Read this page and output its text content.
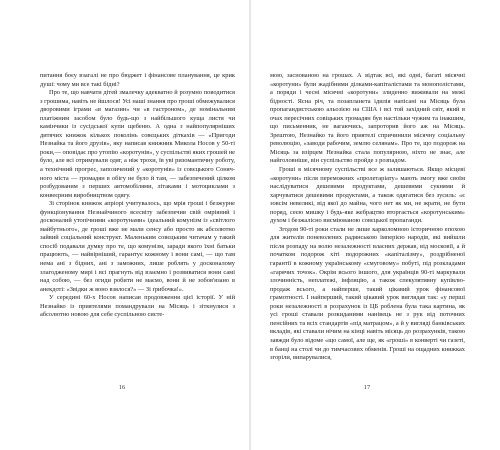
питання боєу взагалі не про бюджет і фінансове планування, це крик душі: чому ми все такі бідні?

Про те, що навчати дітей змалечку адекватно й розумно поводитися з грошима, навіть не йшлося! Усі наші знання про гроші обмежувалися дворовими іграми «в магазин» чи «в гастроном», де номінальним платіжним засобом було будь-що з найбільшого куща листя чи камінчики із сусідської купи щебеню. А одна з найпопулярніших дитячих книжок кількох поколінь совєцьких діткахів — «Пригоди Незнайка та його друзів», яку написав книжник Микола Носов у 50-ті роки,— оповідає про утопію «коротунів», у суспільстві яких грошей не було, але всі отримували одяг, а ніж трохи, їв уві ризомантичну роботу, а технічний прогрес, запозичений у «коротунів» із совєцького Сонячного міста — громадян в обігу не було й там, — забезпечений цілком розбудованим з перших автомобілями, літаками і мотоциклами з конвеєрним виробництвом одягу.

Зі сторінок книжок апріорі учитувалось, що мрія гроші і безжурне функціонування Незнайчиного всесвіту забезпечив свій омріяний і досконалий утопічними «коротунами» ідеальний комунізм із «світлого майбутнього», де гроші вже не мали сенсу або просто як абсолютно зайвий соціальний конструкт. Маленьким совєцьким читачам у такий спосіб подавали думку про те, що комунізм, заради якого їхні батьки працюють, — найвірніший, гарантує кожному і вони самі, — що там нема ані з бідних, ані з заможних, лише роблять у досконалому злагодженому мирі і всі прагнуть від взаємно і розвиватися вони самі над собою, — без огиди робити не маємо, вони й не зобов'язано в анекдоті: «Звідки ж воно взялося?» — Зі ґрибочка!».

У середині 60-х Носов написав продовження цієї історії. У ній Незнайко із приятелями помандрували на Місяць і зіткнулися з абсолютно новою для себе суспільною систе-

16

мою, заснованою на грошах. А відтак всі, які одні, багаті місячні «коротуни» були жадібними ділками-капіталістами та монополістами, а поряди і чесні місячні «коротуни» злиденно виживали на межі бідності. Ясна річ, та позапланета ідилія напісані на Місяць була пропагандистською альозією на США і всі той західний світ, який в очах пересічних совіцьких громадян був настільки чужим та інакшим, що письменник, не вагаючись, запроторив його аж на Місяць. Зрештою, Незнайко та його приятелі спричинили місячну соціальну революцію, «заводи рабочим, землю селянам». Про те, що подорож на Місяць за взірцем Незнайка стала популярною, ніхто не знає, але найголовніше, він суспільство пройде з розпадом.

Гроші в місячному суспільстві все ж залишаються. Якщо місцеві «коротуни» після переможних «пролетаріату» мають змогу вже своїм наслідуватися дешевими продуктами, дешевими сукнями й харчуватися дешевими продуктами, а також одягатися без зусиль: «є зовсім невеликі, від якої до майна, чого нет як ми, не жрати, не бути поряд, сеєю мишку і будь-яке жебрацтво вторгається «коротунським» духом і безжалісно висміюваною совєцької пропаганди.

Згодом 90-ті роки стали не лише карколомною історичною епохою для жителів поневолених радянською імперією народів, які вийшли після розпаду на волю незалежності власних держав, від московії, а й початком подорож хіті подорожних «капіталізму», роздрібненої гарантії в кожному українському «смуговому» побуті, під розкладами «гарячих точок». Окрім всього іншого, для українців 90-ті маркували злочинність, неплатежі, інфляцію, а також спекулятивну купівлю-продаж всього, а найперше, такий цікавий урок фінансової грамотності. І найперший, такий цікавий урок виглядав так: «у перші роки незалежності в розрахунок із ЦБ роблена була така картина, як усі гроші ставали розкиданими нанівець не з рук від поточних пенсійних та всіх стандартів «під матрацом», а й у вигляді банківських вкладів, які ставали нічим на кінці навіть місяць до розрахунків, такою завжди було відоме «що самої, але ще, як «гроші» в конверті чи газеті, в банці на столі чи до тимчасових обменів. Гроші на ощадних книжках згоріли, випарувалися,

17
